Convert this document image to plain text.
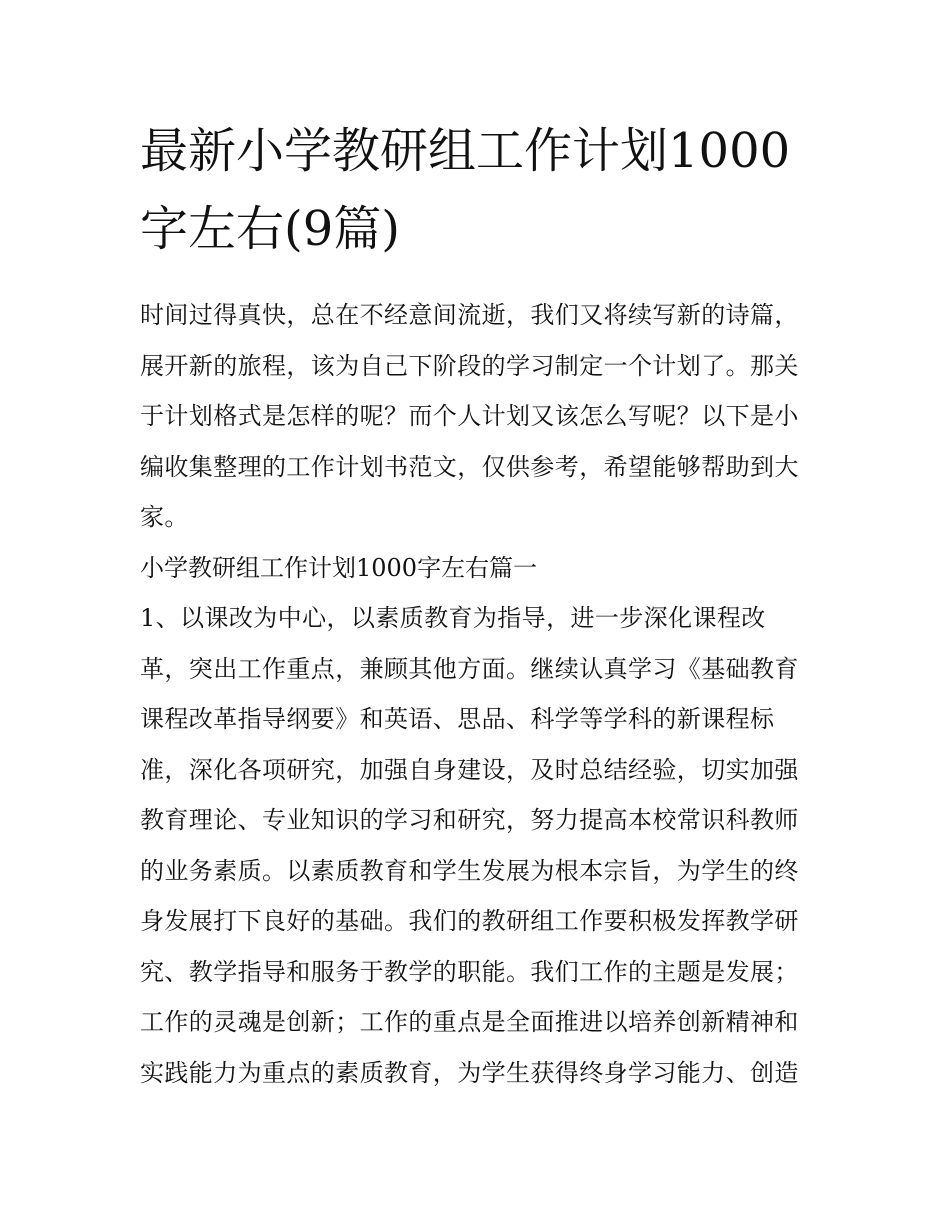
最新小学教研组工作计划1000
字左右(9篇)
时间过得真快，总在不经意间流逝，我们又将续写新的诗篇，
展开新的旅程，该为自己下阶段的学习制定一个计划了。那关
于计划格式是怎样的呢？而个人计划又该怎么写呢？以下是小
编收集整理的工作计划书范文，仅供参考，希望能够帮助到大
家。
小学教研组工作计划1000字左右篇一
1、以课改为中心，以素质教育为指导，进一步深化课程改
革，突出工作重点，兼顾其他方面。继续认真学习《基础教育
课程改革指导纲要》和英语、思品、科学等学科的新课程标
准，深化各项研究，加强自身建设，及时总结经验，切实加强
教育理论、专业知识的学习和研究，努力提高本校常识科教师
的业务素质。以素质教育和学生发展为根本宗旨，为学生的终
身发展打下良好的基础。我们的教研组工作要积极发挥教学研
究、教学指导和服务于教学的职能。我们工作的主题是发展；
工作的灵魂是创新；工作的重点是全面推进以培养创新精神和
实践能力为重点的素质教育，为学生获得终身学习能力、创造
